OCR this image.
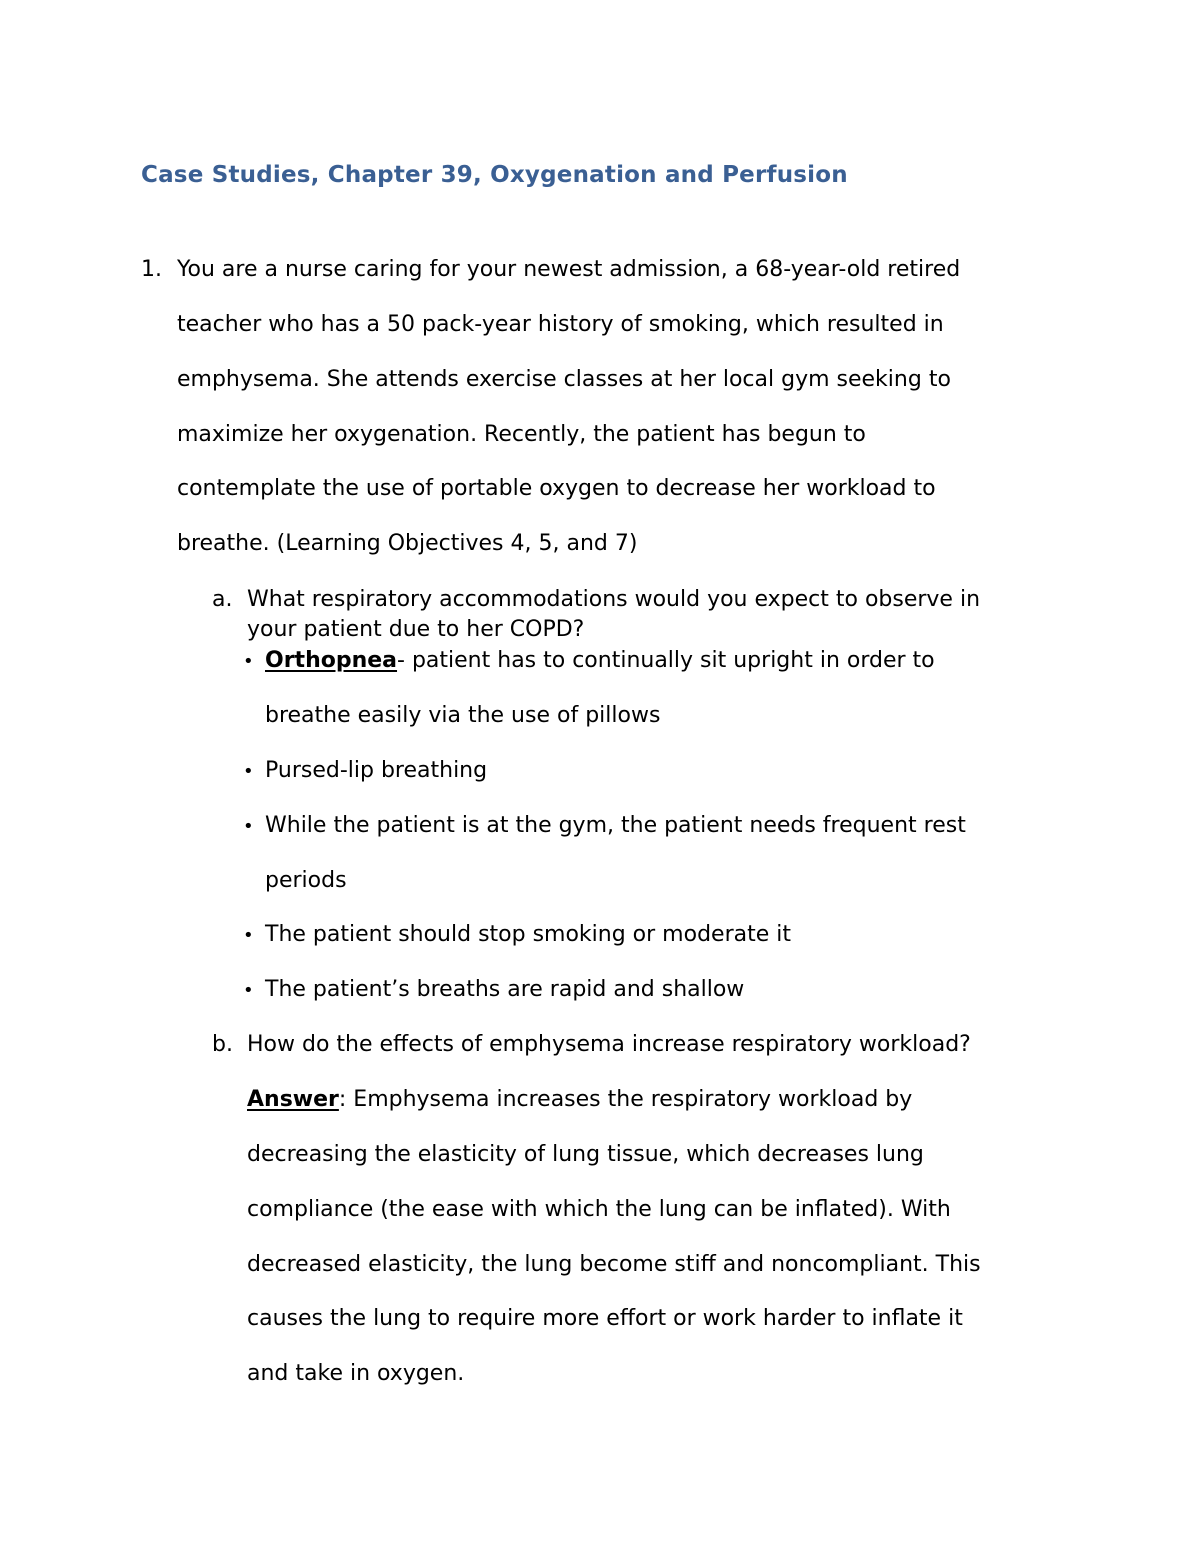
Case Studies, Chapter 39, Oxygenation and Perfusion
1. You are a nurse caring for your newest admission, a 68-year-old retired
teacher who has a 50 pack-year history of smoking, which resulted in
emphysema. She attends exercise classes at her local gym seeking to
maximize her oxygenation. Recently, the patient has begun to
contemplate the use of portable oxygen to decrease her workload to
breathe. (Learning Objectives 4, 5, and 7)
a. What respiratory accommodations would you expect to observe in
your patient due to her COPD?
• Orthopnea- patient has to continually sit upright in order to
breathe easily via the use of pillows
• Pursed-lip breathing
• While the patient is at the gym, the patient needs frequent rest
periods
• The patient should stop smoking or moderate it
• The patient’s breaths are rapid and shallow
b. How do the effects of emphysema increase respiratory workload?
Answer: Emphysema increases the respiratory workload by
decreasing the elasticity of lung tissue, which decreases lung
compliance (the ease with which the lung can be inflated). With
decreased elasticity, the lung become stiff and noncompliant. This
causes the lung to require more effort or work harder to inflate it
and take in oxygen.
